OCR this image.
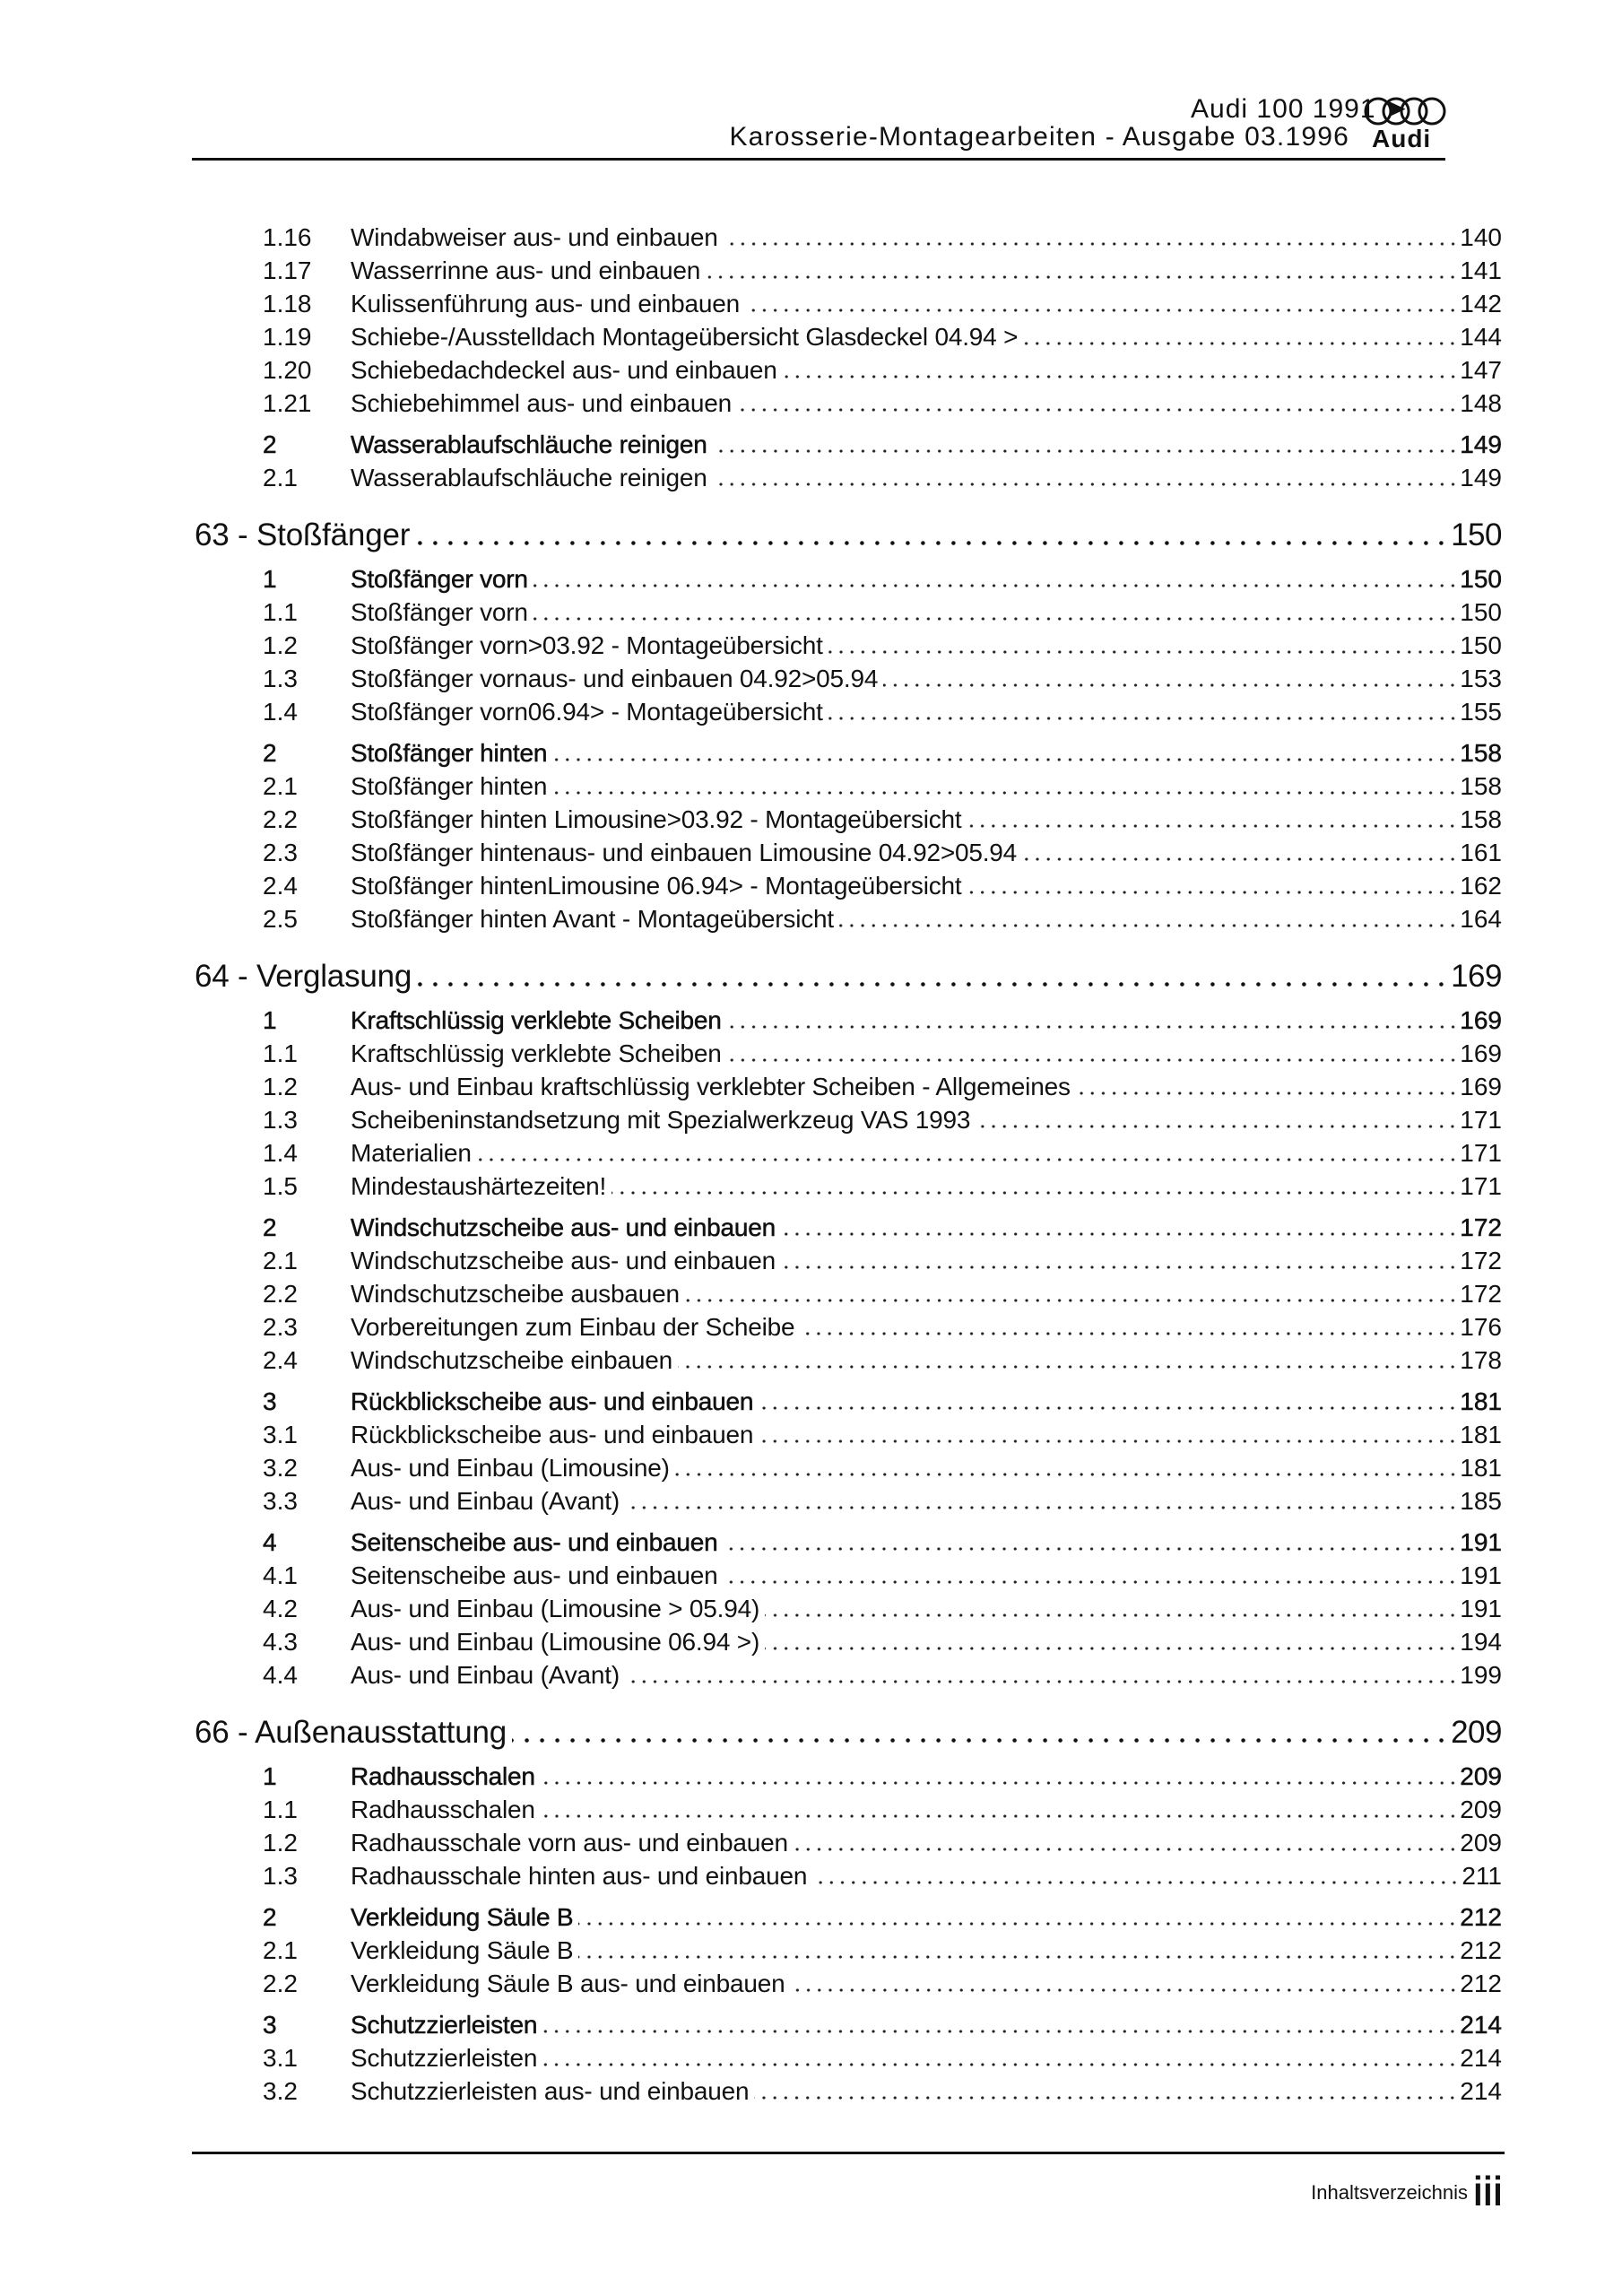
Audi 100 1991 ➤
Karosserie-Montagearbeiten - Ausgabe 03.1996 Audi
1.16 Windabweiser aus- und einbauen	140
1.17 Wasserrinne aus- und einbauen	141
1.18 Kulissenführung aus- und einbauen	142
1.19 Schiebe-/Ausstelldach Montageübersicht Glasdeckel 04.94 >	144
1.20 Schiebedachdeckel aus- und einbauen	147
1.21 Schiebehimmel aus- und einbauen	148
2	Wasserablaufschläuche reinigen	149
2.1 Wasserablaufschläuche reinigen	149
63 - Stoßfänger	150
1	Stoßfänger vorn	150
1.1 Stoßfänger vorn	150
1.2 Stoßfänger vorn>03.92 - Montageübersicht	150
1.3 Stoßfänger vornaus- und einbauen 04.92>05.94	153
1.4 Stoßfänger vorn06.94> - Montageübersicht	155
2	Stoßfänger hinten	158
2.1 Stoßfänger hinten	158
2.2 Stoßfänger hinten Limousine>03.92 - Montageübersicht	158
2.3 Stoßfänger hintenaus- und einbauen Limousine 04.92>05.94	161
2.4 Stoßfänger hintenLimousine 06.94> - Montageübersicht	162
2.5 Stoßfänger hinten Avant - Montageübersicht	164
64 - Verglasung	169
1	Kraftschlüssig verklebte Scheiben	169
1.1 Kraftschlüssig verklebte Scheiben	169
1.2 Aus- und Einbau kraftschlüssig verklebter Scheiben - Allgemeines	169
1.3 Scheibeninstandsetzung mit Spezialwerkzeug VAS 1993	171
1.4 Materialien	171
1.5 Mindestaushärtezeiten!	171
2	Windschutzscheibe aus- und einbauen	172
2.1 Windschutzscheibe aus- und einbauen	172
2.2 Windschutzscheibe ausbauen	172
2.3 Vorbereitungen zum Einbau der Scheibe	176
2.4 Windschutzscheibe einbauen	178
3	Rückblickscheibe aus- und einbauen	181
3.1 Rückblickscheibe aus- und einbauen	181
3.2 Aus- und Einbau (Limousine)	181
3.3 Aus- und Einbau (Avant)	185
4	Seitenscheibe aus- und einbauen	191
4.1 Seitenscheibe aus- und einbauen	191
4.2 Aus- und Einbau (Limousine > 05.94)	191
4.3 Aus- und Einbau (Limousine 06.94 >)	194
4.4 Aus- und Einbau (Avant)	199
66 - Außenausstattung	209
1	Radhausschalen	209
1.1 Radhausschalen	209
1.2 Radhausschale vorn aus- und einbauen	209
1.3 Radhausschale hinten aus- und einbauen	211
2	Verkleidung Säule B	212
2.1 Verkleidung Säule B	212
2.2 Verkleidung Säule B aus- und einbauen	212
3	Schutzzierleisten	214
3.1 Schutzzierleisten	214
3.2 Schutzzierleisten aus- und einbauen	214
Inhaltsverzeichnis iii
